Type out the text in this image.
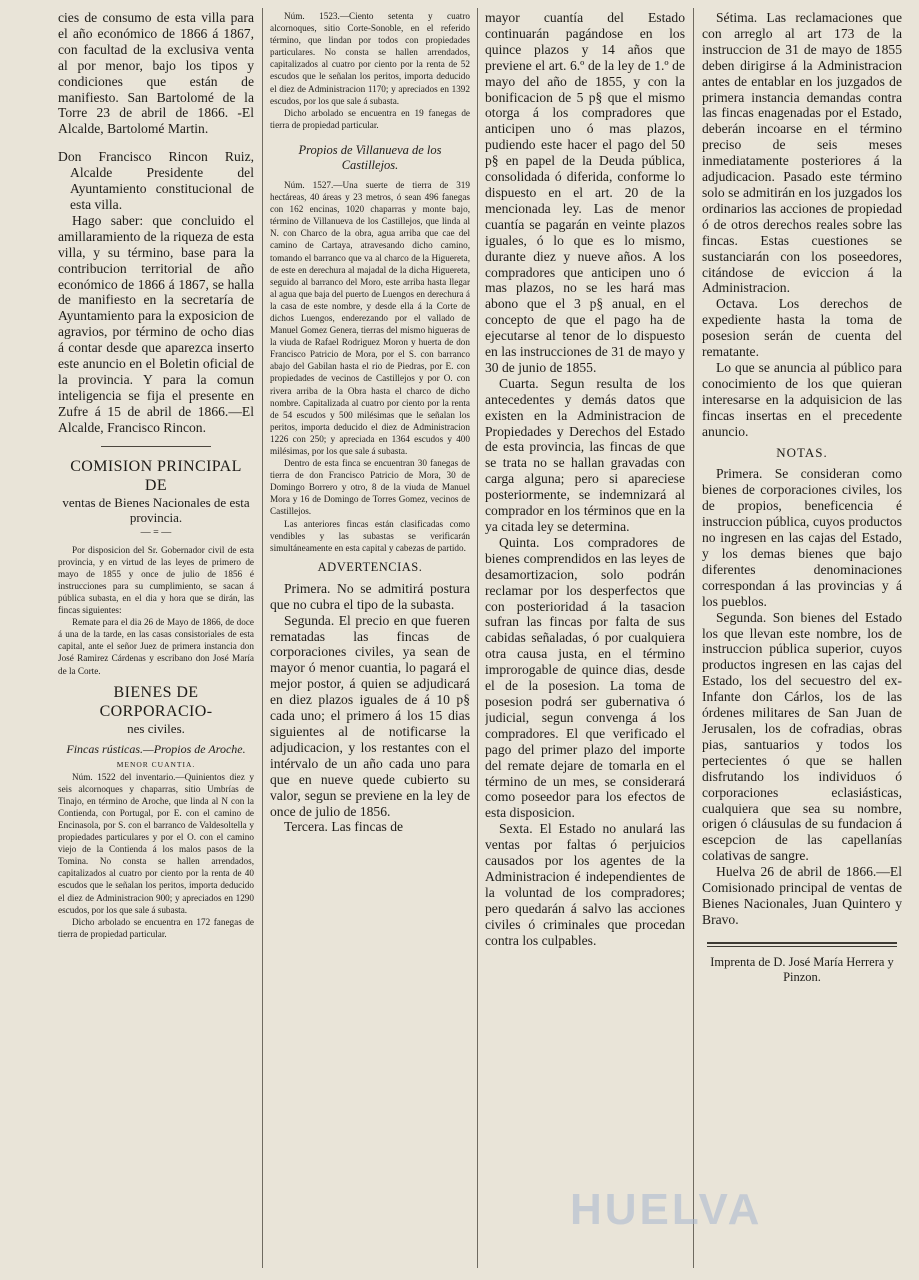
cies de consumo de esta villa para el año económico de 1866 á 1867, con facultad de la exclusiva venta al por menor, bajo los tipos y condiciones que están de manifiesto. San Bartolomé de la Torre 23 de abril de 1866. -El Alcalde, Bartolomé Martin.

Don Francisco Rincon Ruiz, Alcalde Presidente del Ayuntamiento constitucional de esta villa.

Hago saber: que concluido el amillaramiento de la riqueza de esta villa, y su término, base para la contribucion territorial de año económico de 1866 á 1867, se halla de manifiesto en la secretaría de Ayuntamiento para la exposicion de agravios, por término de ocho dias á contar desde que aparezca inserto este anuncio en el Boletin oficial de la provincia. Y para la comun inteligencia se fija el presente en Zufre á 15 de abril de 1866.—El Alcalde, Francisco Rincon.

COMISION PRINCIPAL DE

ventas de Bienes Nacionales de esta provincia.

— = —

Por disposicion del Sr. Gobernador civil de esta provincia, y en virtud de las leyes de primero de mayo de 1855 y once de julio de 1856 é instrucciones para su cumplimiento, se sacan á pública subasta, en el dia y hora que se dirán, las fincas siguientes:

Remate para el dia 26 de Mayo de 1866, de doce á una de la tarde, en las casas consistoriales de esta capital, ante el señor Juez de primera instancia don José Ramirez Cárdenas y escribano don José María de la Corte.

BIENES DE CORPORACIO-

nes civiles.

Fincas rústicas.—Propios de Aroche.

MENOR CUANTIA.

Núm. 1522 del inventario.—Quinientos diez y seis alcornoques y chaparras, sitio Umbrías de Tinajo, en término de Aroche, que linda al N con la Contienda, con Portugal, por E. con el camino de Encinasola, por S. con el barranco de Valdesoltella y propiedades particulares y por el O. con el camino viejo de la Contienda á los malos pasos de la Tomina. No consta se hallen arrendados, capitalizados al cuatro por ciento por la renta de 40 escudos que le señalan los peritos, importa deducido el diez de Administracion 900; y apreciados en 1290 escudos, por los que sale á subasta.

Dicho arbolado se encuentra en 172 fanegas de tierra de propiedad particular.

Núm. 1523.—Ciento setenta y cuatro alcornoques, sitio Corte-Sonoble, en el referido término, que lindan por todos con propiedades particulares. No consta se hallen arrendados, capitalizados al cuatro por ciento por la renta de 52 escudos que le señalan los peritos, importa deducido el diez de Administracion 1170; y apreciados en 1392 escudos, por los que sale á subasta.

Dicho arbolado se encuentra en 19 fanegas de tierra de propiedad particular.

Propios de Villanueva de los Castillejos.

Núm. 1527.—Una suerte de tierra de 319 hectáreas, 40 áreas y 23 metros, ó sean 496 fanegas con 162 encinas, 1020 chaparras y monte bajo, término de Villanueva de los Castillejos, que linda al N. con Charco de la obra, agua arriba que cae del camino de Cartaya, atravesando dicho camino, tomando el barranco que va al charco de la Higuereta, de este en derechura al majadal de la dicha Higuereta, seguido al barranco del Moro, este arriba hasta llegar al agua que baja del puerto de Luengos en derechura á la casa de este nombre, y desde ella á la Corte de dichos Luengos, enderezando por el vallado de Manuel Gomez Genera, tierras del mismo higueras de la viuda de Rafael Rodriguez Moron y huerta de don Francisco Patricio de Mora, por el S. con barranco abajo del Gabilan hasta el rio de Piedras, por E. con propiedades de vecinos de Castillejos y por O. con rivera arriba de la Obra hasta el charco de dicho nombre. Capitalizada al cuatro por ciento por la renta de 54 escudos y 500 milésimas que le señalan los peritos, importa deducido el diez de Administracion 1226 con 250; y apreciada en 1364 escudos y 400 milésimas, por los que sale á subasta.

Dentro de esta finca se encuentran 30 fanegas de tierra de don Francisco Patricio de Mora, 30 de Domingo Borrero y otro, 8 de la viuda de Manuel Mora y 16 de Domingo de Torres Gomez, vecinos de Castillejos.

Las anteriores fincas están clasificadas como vendibles y las subastas se verificarán simultáneamente en esta capital y cabezas de partido.

ADVERTENCIAS.

Primera. No se admitirá postura que no cubra el tipo de la subasta.

Segunda. El precio en que fueren rematadas las fincas de corporaciones civiles, ya sean de mayor ó menor cuantia, lo pagará el mejor postor, á quien se adjudicará en diez plazos iguales de á 10 p§ cada uno; el primero á los 15 dias siguientes al de notificarse la adjudicacion, y los restantes con el intérvalo de un año cada uno para que en nueve quede cubierto su valor, segun se previene en la ley de once de julio de 1856.

Tercera. Las fincas de

mayor cuantía del Estado continuarán pagándose en los quince plazos y 14 años que previene el art. 6.º de la ley de 1.º de mayo del año de 1855, y con la bonificacion de 5 p§ que el mismo otorga á los compradores que anticipen uno ó mas plazos, pudiendo este hacer el pago del 50 p§ en papel de la Deuda pública, consolidada ó diferida, conforme lo dispuesto en el art. 20 de la mencionada ley. Las de menor cuantía se pagarán en veinte plazos iguales, ó lo que es lo mismo, durante diez y nueve años. A los compradores que anticipen uno ó mas plazos, no se les hará mas abono que el 3 p§ anual, en el concepto de que el pago ha de ejecutarse al tenor de lo dispuesto en las instrucciones de 31 de mayo y 30 de junio de 1855.

Cuarta. Segun resulta de los antecedentes y demás datos que existen en la Administracion de Propiedades y Derechos del Estado de esta provincia, las fincas de que se trata no se hallan gravadas con carga alguna; pero si apareciese posteriormente, se indemnizará al comprador en los términos que en la ya citada ley se determina.

Quinta. Los compradores de bienes comprendidos en las leyes de desamortizacion, solo podrán reclamar por los desperfectos que con posterioridad á la tasacion sufran las fincas por falta de sus cabidas señaladas, ó por cualquiera otra causa justa, en el término improrogable de quince dias, desde el de la posesion. La toma de posesion podrá ser gubernativa ó judicial, segun convenga á los compradores. El que verificado el pago del primer plazo del importe del remate dejare de tomarla en el término de un mes, se considerará como poseedor para los efectos de esta disposicion.

Sexta. El Estado no anulará las ventas por faltas ó perjuicios causados por los agentes de la Administracion é independientes de la voluntad de los compradores; pero quedarán á salvo las acciones civiles ó criminales que procedan contra los culpables.

Sétima. Las reclamaciones que con arreglo al art 173 de la instruccion de 31 de mayo de 1855 deben dirigirse á la Administracion antes de entablar en los juzgados de primera instancia demandas contra las fincas enagenadas por el Estado, deberán incoarse en el término preciso de seis meses inmediatamente posteriores á la adjudicacion. Pasado este término solo se admitirán en los juzgados los ordinarios las acciones de propiedad ó de otros derechos reales sobre las fincas. Estas cuestiones se sustanciarán con los poseedores, citándose de eviccion á la Administracion.

Octava. Los derechos de expediente hasta la toma de posesion serán de cuenta del rematante.

Lo que se anuncia al público para conocimiento de los que quieran interesarse en la adquisicion de las fincas insertas en el precedente anuncio.

NOTAS.

Primera. Se consideran como bienes de corporaciones civiles, los de propios, beneficencia é instruccion pública, cuyos productos no ingresen en las cajas del Estado, y los demas bienes que bajo diferentes denominaciones correspondan á las provincias y á los pueblos.

Segunda. Son bienes del Estado los que llevan este nombre, los de instruccion pública superior, cuyos productos ingresen en las cajas del Estado, los del secuestro del ex-Infante don Cárlos, los de las órdenes militares de San Juan de Jerusalen, los de cofradias, obras pias, santuarios y todos los pertecientes ó que se hallen disfrutando los individuos ó corporaciones eclasiásticas, cualquiera que sea su nombre, origen ó cláusulas de su fundacion á escepcion de las capellanías colativas de sangre.

Huelva 26 de abril de 1866.—El Comisionado principal de ventas de Bienes Nacionales, Juan Quintero y Bravo.

Imprenta de D. José María Herrera y Pinzon.

HUELVA
